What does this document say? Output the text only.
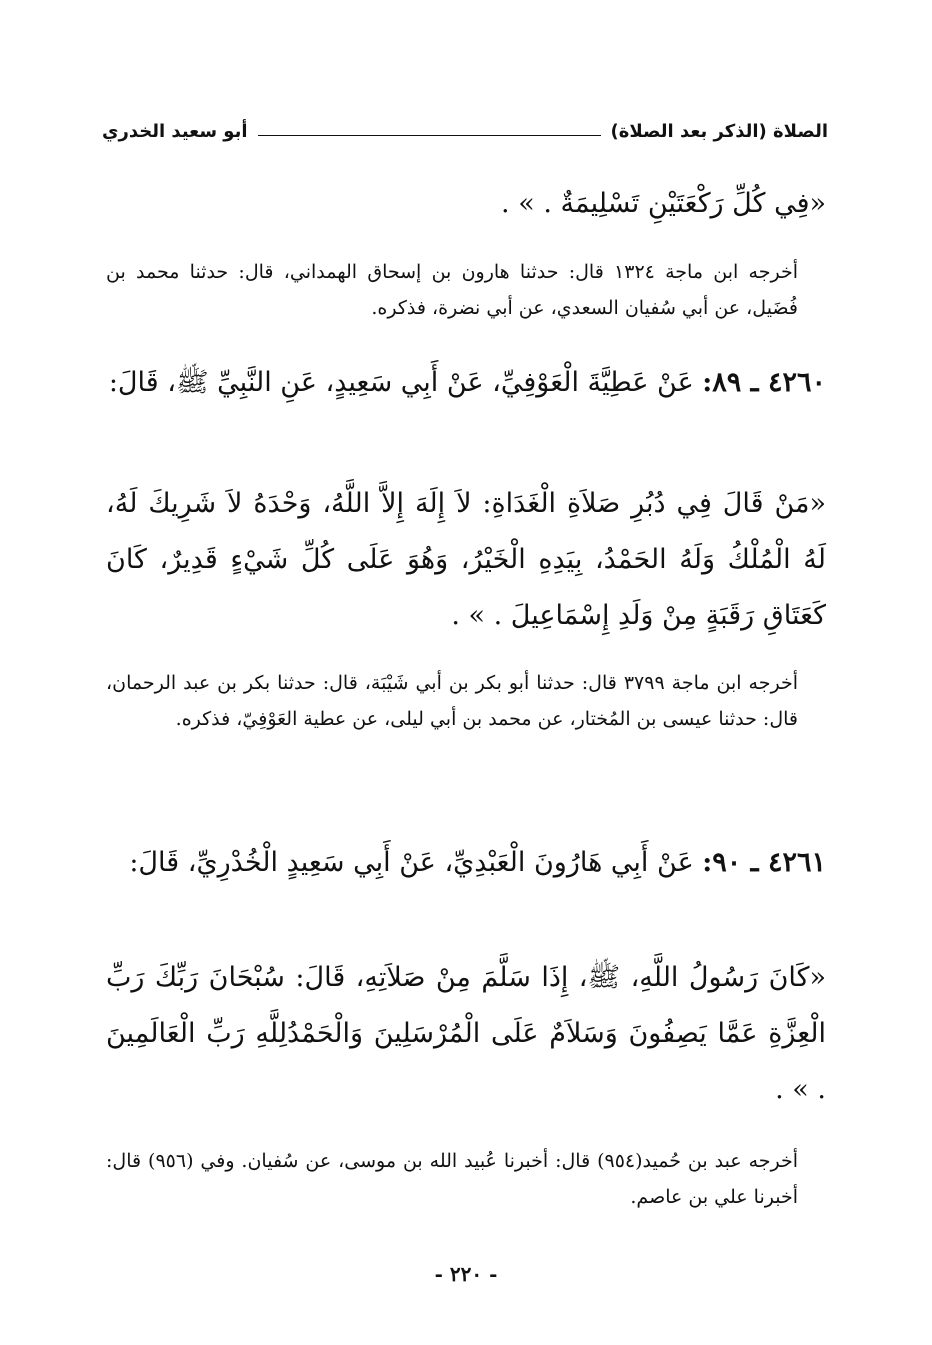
الصلاة (الذكر بعد الصلاة)
أبو سعيد الخدري
«فِي كُلِّ رَكْعَتَيْنِ تَسْلِيمَةٌ . » .
أخرجه ابن ماجة ١٣٢٤ قال: حدثنا هارون بن إسحاق الهمداني، قال: حدثنا محمد بن فُضَيل، عن أبي سُفيان السعدي، عن أبي نضرة، فذكره.
٤٢٦٠ ـ ٨٩: عَنْ عَطِيَّةَ الْعَوْفِيِّ، عَنْ أَبِي سَعِيدٍ، عَنِ النَّبِيِّ ﷺ، قَالَ:
«مَنْ قَالَ فِي دُبُرِ صَلاَةِ الْغَدَاةِ: لاَ إِلَهَ إِلاَّ اللَّهُ، وَحْدَهُ لاَ شَرِيكَ لَهُ، لَهُ الْمُلْكُ وَلَهُ الحَمْدُ، بِيَدِهِ الْخَيْرُ، وَهُوَ عَلَى كُلِّ شَيْءٍ قَدِيرٌ، كَانَ كَعَتَاقِ رَقَبَةٍ مِنْ وَلَدِ إِسْمَاعِيلَ . » .
أخرجه ابن ماجة ٣٧٩٩ قال: حدثنا أبو بكر بن أبي شَيْبَة، قال: حدثنا بكر بن عبد الرحمان، قال: حدثنا عيسى بن المُختار، عن محمد بن أبي ليلى، عن عطية العَوْفِيّ، فذكره.
٤٢٦١ ـ ٩٠: عَنْ أَبِي هَارُونَ الْعَبْدِيِّ، عَنْ أَبِي سَعِيدٍ الْخُدْرِيِّ، قَالَ:
«كَانَ رَسُولُ اللَّهِ، ﷺ، إِذَا سَلَّمَ مِنْ صَلاَتِهِ، قَالَ: سُبْحَانَ رَبِّكَ رَبِّ الْعِزَّةِ عَمَّا يَصِفُونَ وَسَلاَمٌ عَلَى الْمُرْسَلِينَ وَالْحَمْدُلِلَّهِ رَبِّ الْعَالَمِينَ . » .
أخرجه عبد بن حُميد(٩٥٤) قال: أخبرنا عُبيد الله بن موسى، عن سُفيان. وفي (٩٥٦) قال: أخبرنا علي بن عاصم.
- ٢٢٠ -
